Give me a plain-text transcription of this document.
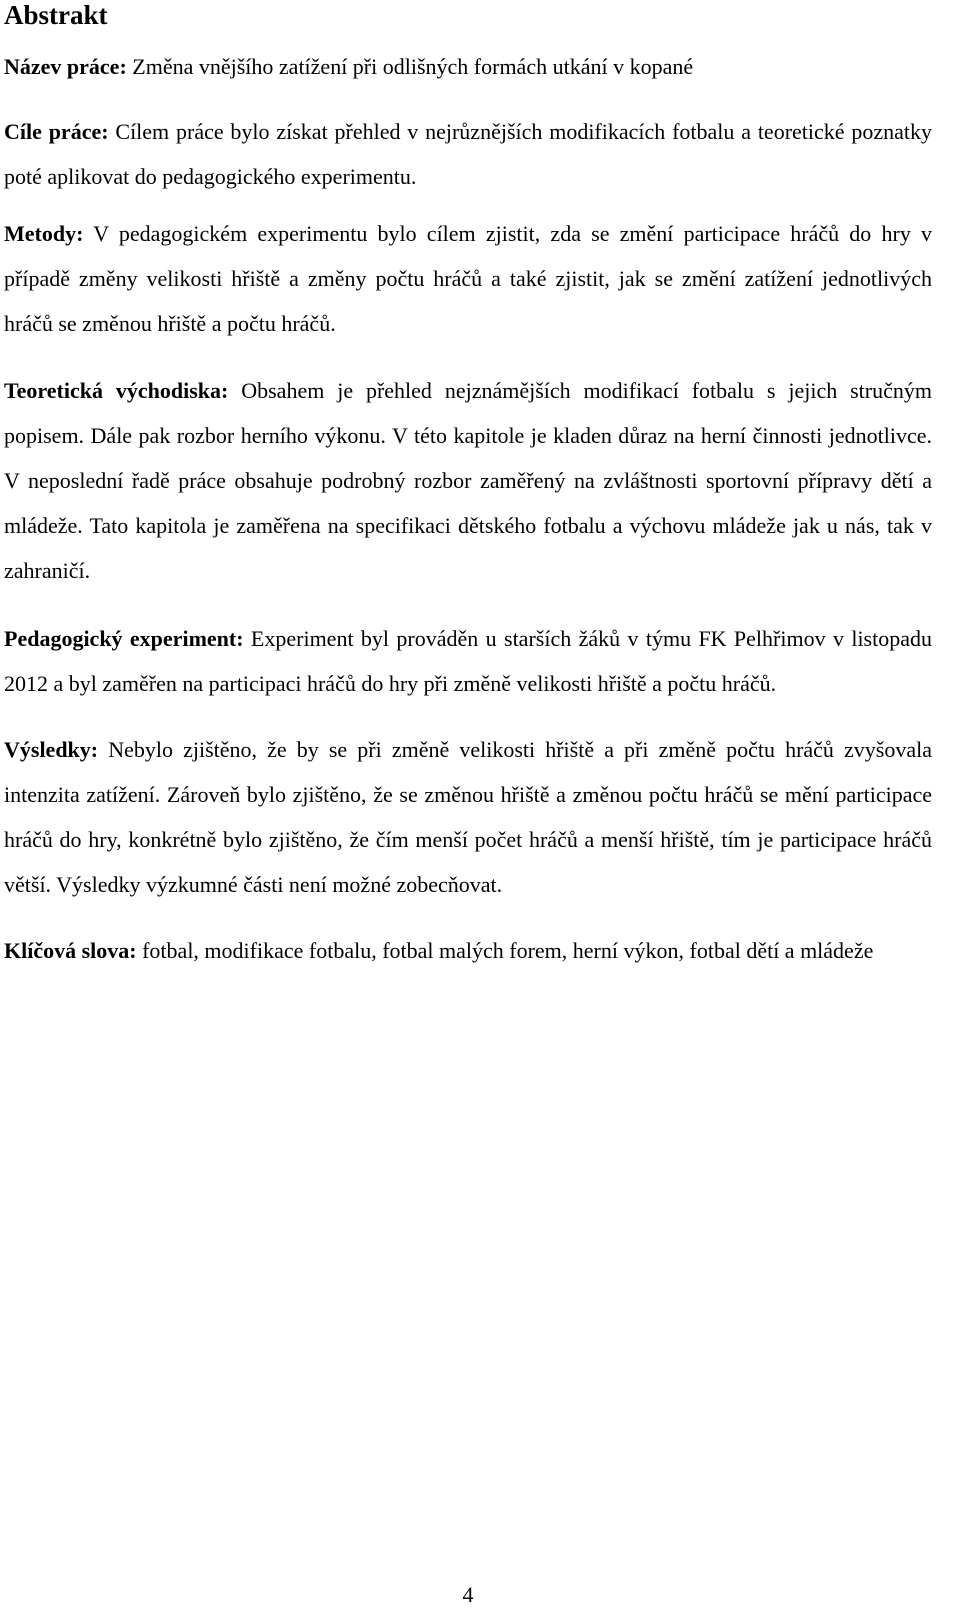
Abstrakt

Název práce: Změna vnějšího zatížení při odlišných formách utkání v kopané

Cíle práce: Cílem práce bylo získat přehled v nejrůznějších modifikacích fotbalu a teoretické poznatky poté aplikovat do pedagogického experimentu.

Metody: V pedagogickém experimentu bylo cílem zjistit, zda se změní participace hráčů do hry v případě změny velikosti hřiště a změny počtu hráčů a také zjistit, jak se změní zatížení jednotlivých hráčů se změnou hřiště a počtu hráčů.

Teoretická východiska: Obsahem je přehled nejznámějších modifikací fotbalu s jejich stručným popisem. Dále pak rozbor herního výkonu. V této kapitole je kladen důraz na herní činnosti jednotlivce. V neposlední řadě práce obsahuje podrobný rozbor zaměřený na zvláštnosti sportovní přípravy dětí a mládeže. Tato kapitola je zaměřena na specifikaci dětského fotbalu a výchovu mládeže jak u nás, tak v zahraničí.

Pedagogický experiment: Experiment byl prováděn u starších žáků v týmu FK Pelhřimov v listopadu 2012 a byl zaměřen na participaci hráčů do hry při změně velikosti hřiště a počtu hráčů.

Výsledky: Nebylo zjištěno, že by se při změně velikosti hřiště a při změně počtu hráčů zvyšovala intenzita zatížení. Zároveň bylo zjištěno, že se změnou hřiště a změnou počtu hráčů se mění participace hráčů do hry, konkrétně bylo zjištěno, že čím menší počet hráčů a menší hřiště, tím je participace hráčů větší. Výsledky výzkumné části není možné zobecňovat.

Klíčová slova: fotbal, modifikace fotbalu, fotbal malých forem, herní výkon, fotbal dětí a mládeže

4
